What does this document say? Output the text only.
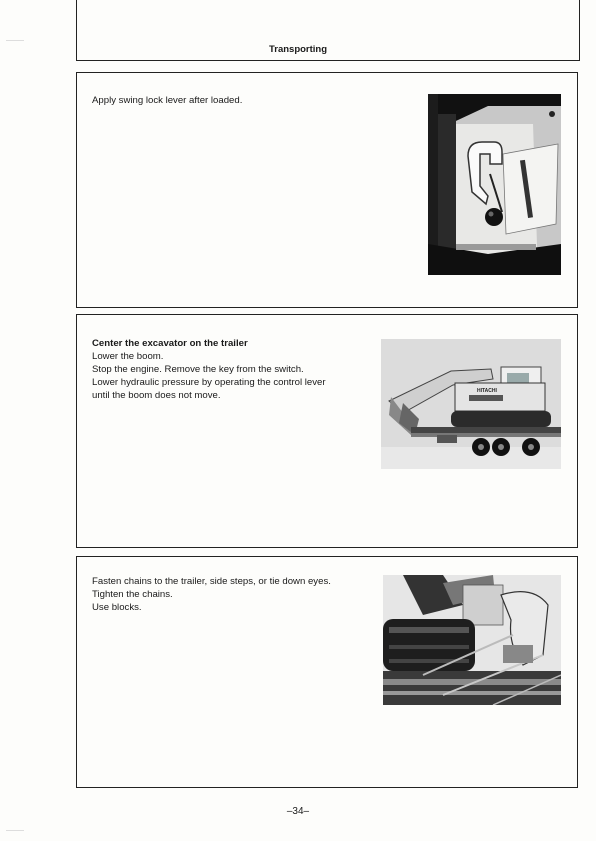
Transporting
Apply swing lock lever after loaded.
Center the excavator on the trailer
Lower the boom.
Stop the engine. Remove the key from the switch.
Lower hydraulic pressure by operating the control lever
until the boom does not move.	HITACHI
Fasten chains to the trailer, side steps, or tie down eyes.
Tighten the chains.
Use blocks.
–34–
